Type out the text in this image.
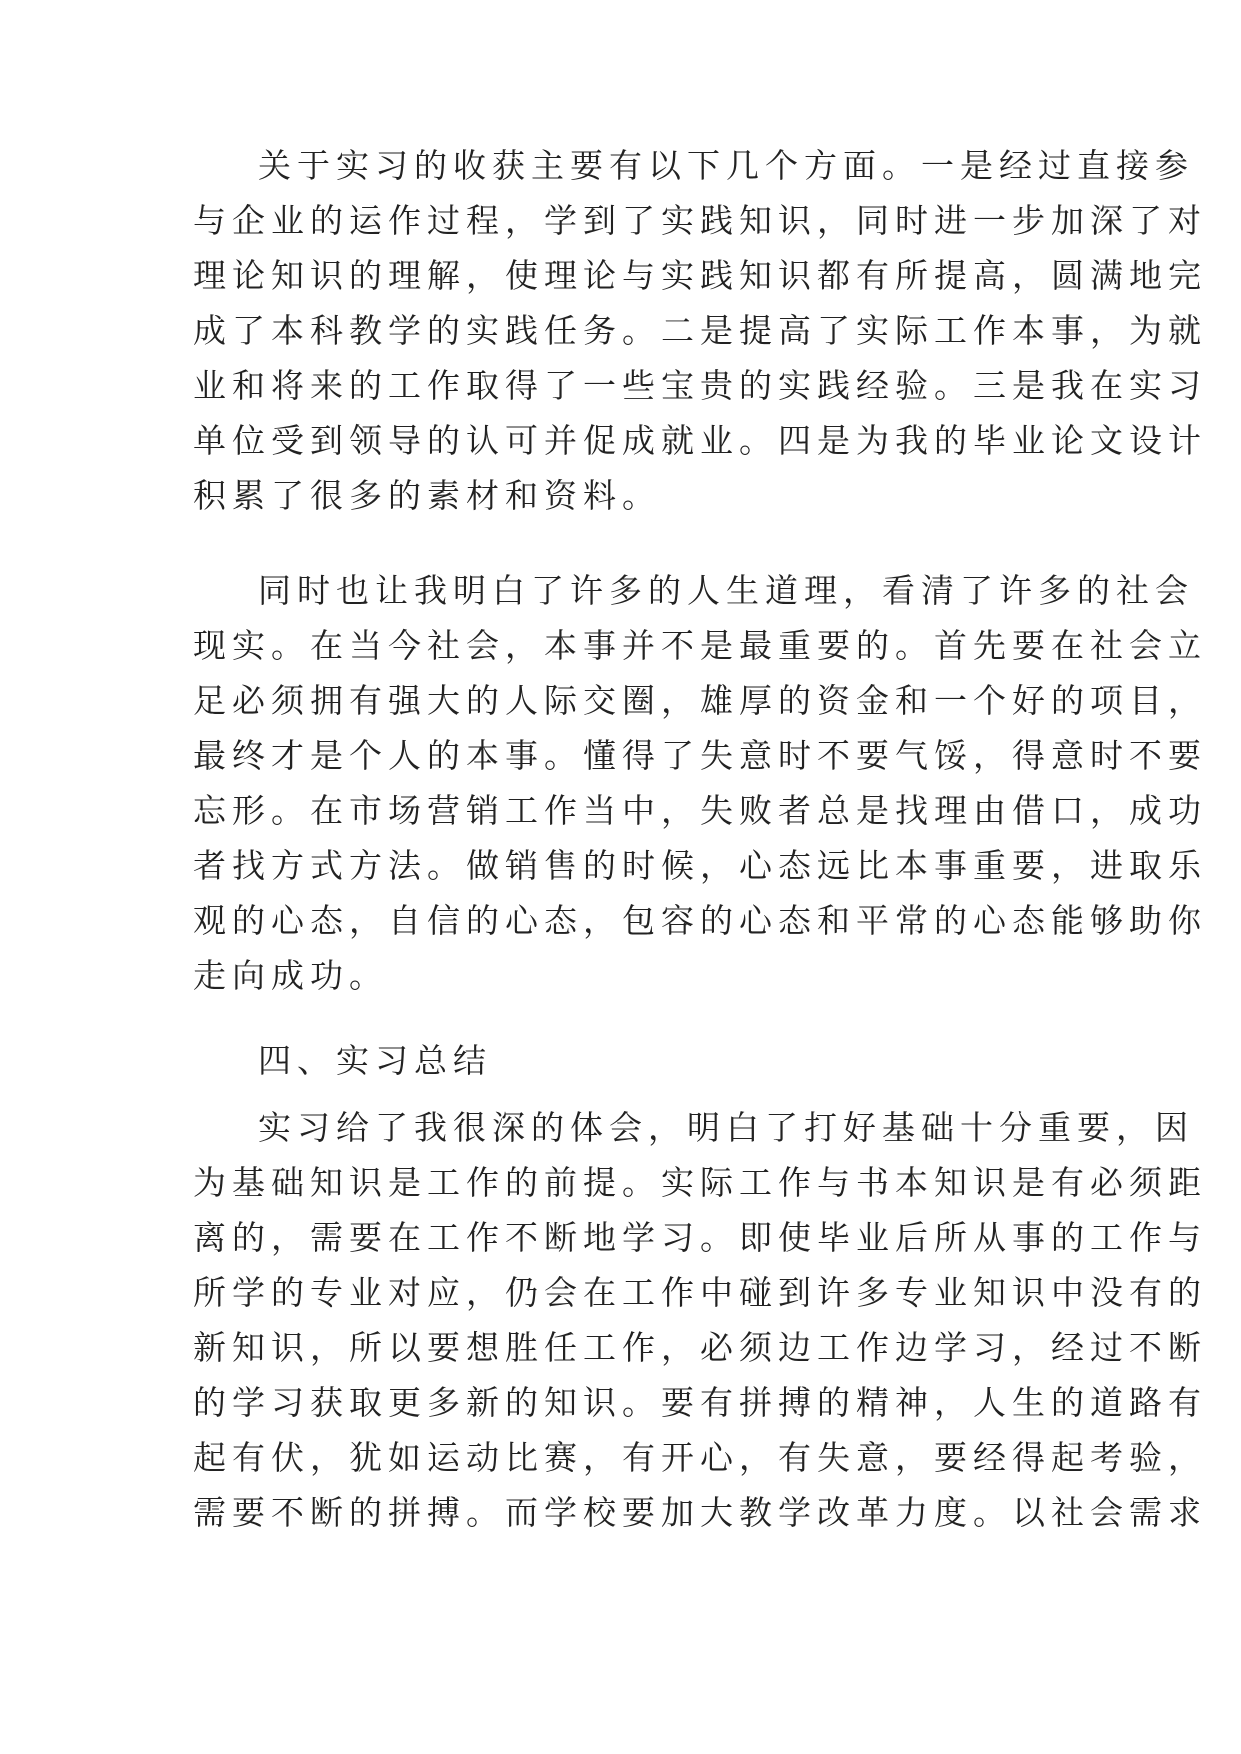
关于实习的收获主要有以下几个方面。一是经过直接参
与企业的运作过程，学到了实践知识，同时进一步加深了对
理论知识的理解，使理论与实践知识都有所提高，圆满地完
成了本科教学的实践任务。二是提高了实际工作本事，为就
业和将来的工作取得了一些宝贵的实践经验。三是我在实习
单位受到领导的认可并促成就业。四是为我的毕业论文设计
积累了很多的素材和资料。
同时也让我明白了许多的人生道理，看清了许多的社会
现实。在当今社会，本事并不是最重要的。首先要在社会立
足必须拥有强大的人际交圈，雄厚的资金和一个好的项目，
最终才是个人的本事。懂得了失意时不要气馁，得意时不要
忘形。在市场营销工作当中，失败者总是找理由借口，成功
者找方式方法。做销售的时候，心态远比本事重要，进取乐
观的心态，自信的心态，包容的心态和平常的心态能够助你
走向成功。
四、实习总结
实习给了我很深的体会，明白了打好基础十分重要，因
为基础知识是工作的前提。实际工作与书本知识是有必须距
离的，需要在工作不断地学习。即使毕业后所从事的工作与
所学的专业对应，仍会在工作中碰到许多专业知识中没有的
新知识，所以要想胜任工作，必须边工作边学习，经过不断
的学习获取更多新的知识。要有拼搏的精神，人生的道路有
起有伏，犹如运动比赛，有开心，有失意，要经得起考验，
需要不断的拼搏。而学校要加大教学改革力度。以社会需求
